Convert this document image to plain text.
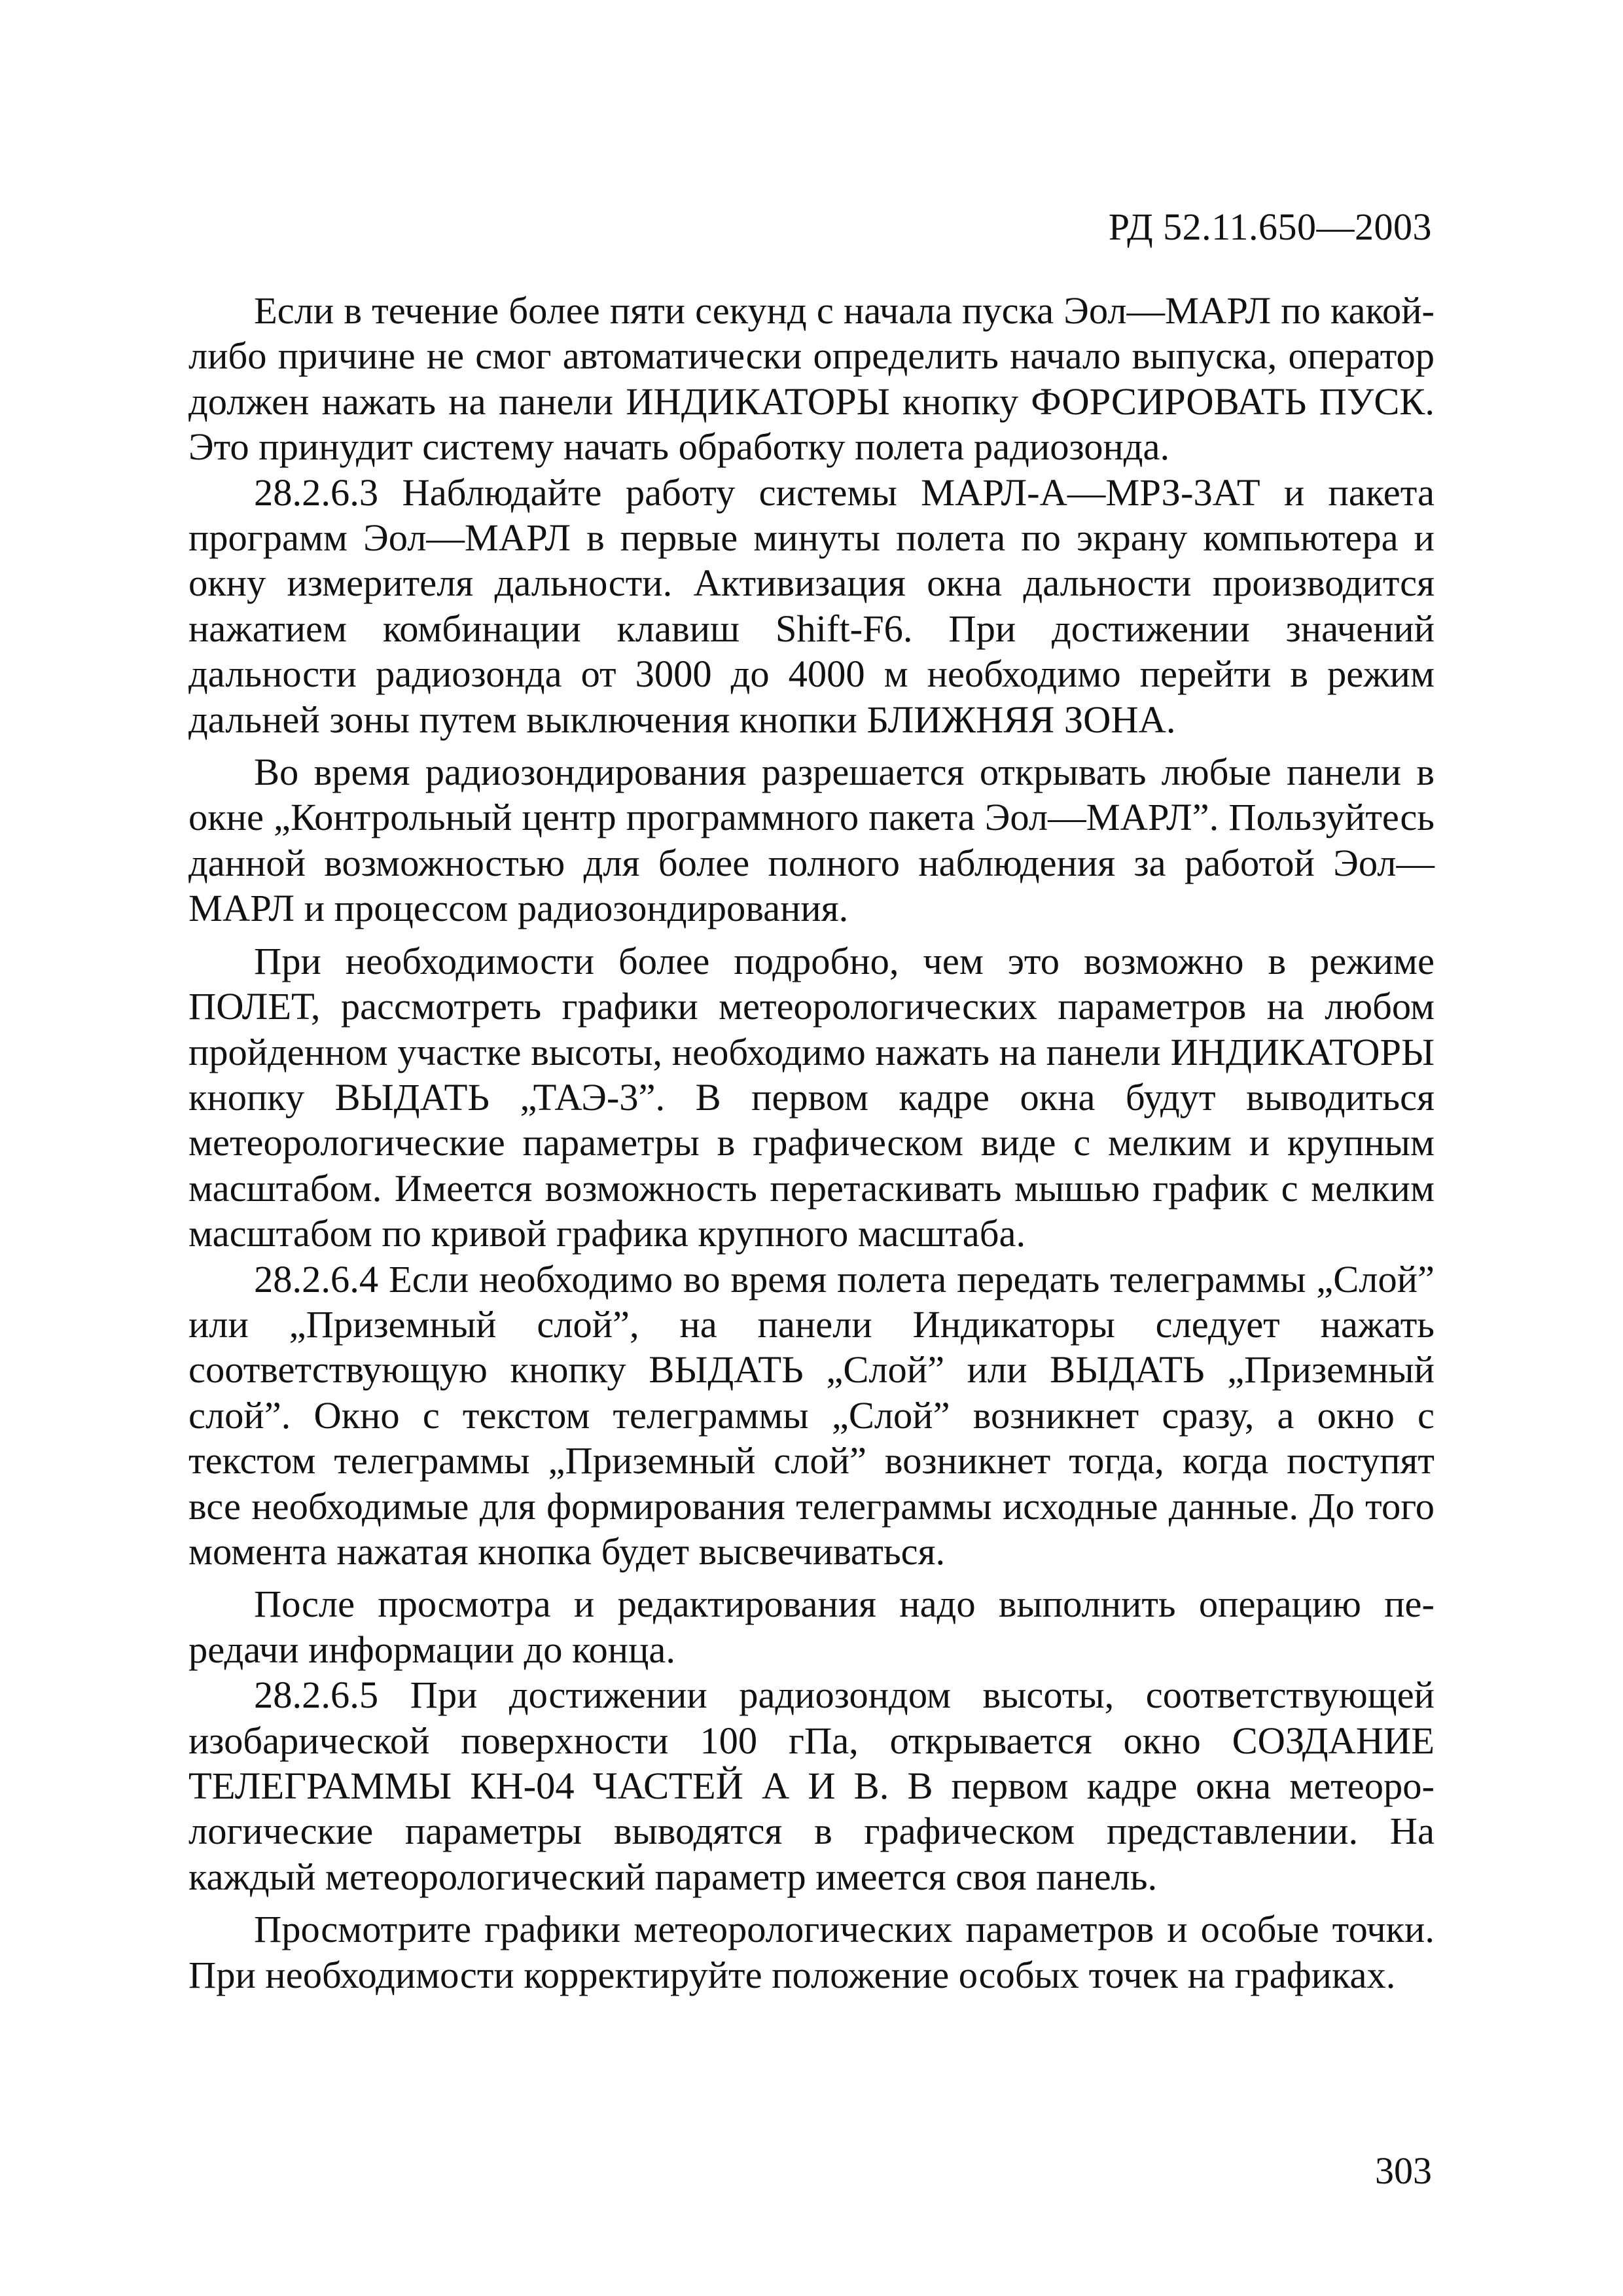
РД 52.11.650—2003

Если в течение более пяти секунд с начала пуска Эол—МАРЛ по какой-либо причине не смог автоматически определить начало выпуска, оператор должен нажать на панели ИНДИКАТОРЫ кнопку ФОРСИРОВАТЬ ПУСК. Это принудит систему начать обработку полета радиозонда.

28.2.6.3 Наблюдайте работу системы МАРЛ-А—МРЗ-3АТ и пакета программ Эол—МАРЛ в первые минуты полета по экрану компьютера и окну измерителя дальности. Активизация окна дальности производится нажатием комбинации клавиш Shift-F6. При достижении значений дальности радиозонда от 3000 до 4000 м необходимо перейти в режим дальней зоны путем выключения кнопки БЛИЖНЯЯ ЗОНА.

Во время радиозондирования разрешается открывать любые панели в окне „Контрольный центр программного пакета Эол—МАРЛ”. Пользуйтесь данной возможностью для более полного наблюдения за работой Эол—МАРЛ и процессом радиозондирования.

При необходимости более подробно, чем это возможно в режиме ПОЛЕТ, рассмотреть графики метеорологических параметров на любом пройденном участке высоты, необходимо нажать на панели ИНДИКАТОРЫ кнопку ВЫДАТЬ „ТАЭ-3”. В первом кадре окна будут выводиться метеорологические параметры в графическом виде с мелким и крупным масштабом. Имеется возможность перетаскивать мышью график с мелким масштабом по кривой графика крупного масштаба.

28.2.6.4 Если необходимо во время полета передать телеграммы „Слой” или „Приземный слой”, на панели Индикаторы следует нажать соответствующую кнопку ВЫДАТЬ „Слой” или ВЫДАТЬ „Приземный слой”. Окно с текстом телеграммы „Слой” возникнет сразу, а окно с текстом телеграммы „Приземный слой” возникнет тогда, когда поступят все необходимые для формирования телеграммы исходные данные. До того момента нажатая кнопка будет высвечиваться.

После просмотра и редактирования надо выполнить операцию передачи информации до конца.

28.2.6.5 При достижении радиозондом высоты, соответствующей изобарической поверхности 100 гПа, открывается окно СОЗДАНИЕ ТЕЛЕГРАММЫ КН-04 ЧАСТЕЙ А И В. В первом кадре окна метеорологические параметры выводятся в графическом представлении. На каждый метеорологический параметр имеется своя панель.

Просмотрите графики метеорологических параметров и особые точки. При необходимости корректируйте положение особых точек на графиках.

303
